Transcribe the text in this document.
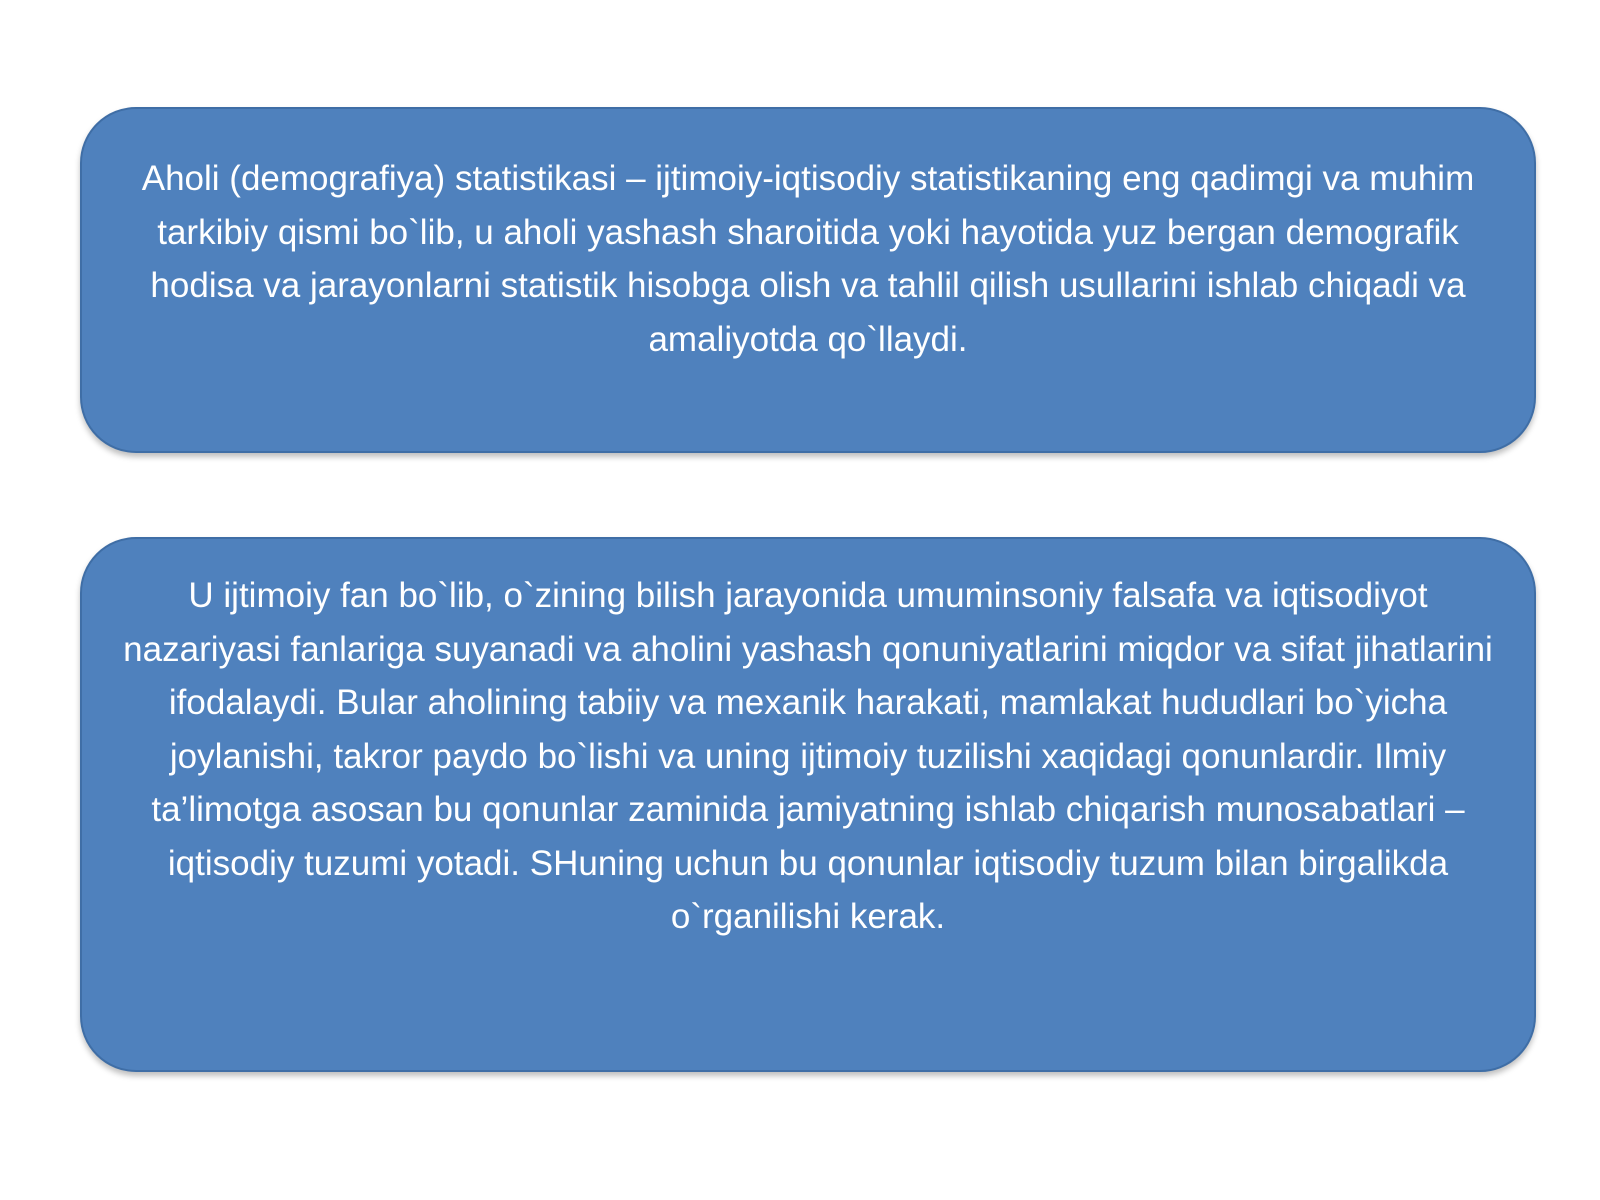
Aholi (demografiya) statistikasi – ijtimoiy-iqtisodiy statistikaning eng qadimgi va muhim tarkibiy qismi bo`lib, u aholi yashash sharoitida yoki hayotida yuz bergan demografik hodisa va jarayonlarni statistik hisobga olish va tahlil qilish usullarini ishlab chiqadi va amaliyotda qo`llaydi.

U ijtimoiy fan bo`lib, o`zining bilish jarayonida umuminsoniy falsafa va iqtisodiyot nazariyasi fanlariga suyanadi va aholini yashash qonuniyatlarini miqdor va sifat jihatlarini ifodalaydi. Bular aholining tabiiy va mexanik harakati, mamlakat hududlari bo`yicha joylanishi, takror paydo bo`lishi va uning ijtimoiy tuzilishi xaqidagi qonunlardir. Ilmiy ta’limotga asosan bu qonunlar zaminida jamiyatning ishlab chiqarish munosabatlari – iqtisodiy tuzumi yotadi. SHuning uchun bu qonunlar iqtisodiy tuzum bilan birgalikda o`rganilishi kerak.
